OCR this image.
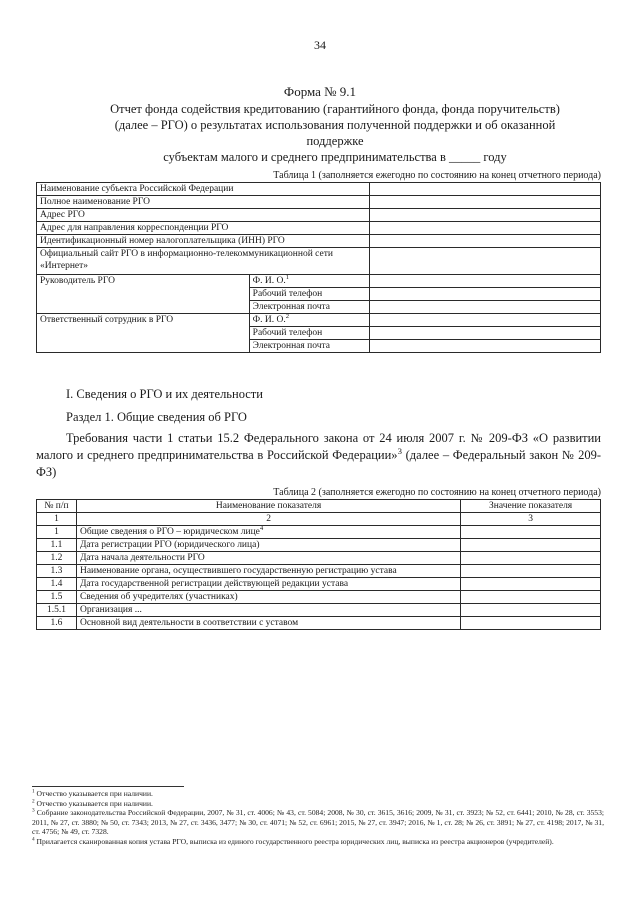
34
Форма № 9.1
Отчет фонда содействия кредитованию (гарантийного фонда, фонда поручительств)
(далее – РГО) о результатах использования полученной поддержки и об оказанной поддержке
субъектам малого и среднего предпринимательства в _____ году
Таблица 1 (заполняется ежегодно по состоянию на конец отчетного периода)
Наименование субъекта Российской Федерации		
Полное наименование РГО		
Адрес РГО		
Адрес для направления корреспонденции РГО		
Идентификационный номер налогоплательщика (ИНН) РГО		
Официальный сайт РГО в информационно-телекоммуникационной сети «Интернет»		
Руководитель РГО	Ф. И. О.$^1$	
	Рабочий телефон	
	Электронная почта	
Ответственный сотрудник в РГО	Ф. И. О.$^2$	
	Рабочий телефон	
	Электронная почта	
I. Сведения о РГО и их деятельности
Раздел 1. Общие сведения об РГО
Требования части 1 статьи 15.2 Федерального закона от 24 июля 2007 г. № 209-ФЗ «О развитии малого и среднего предпринимательства в Российской Федерации»$^3$ (далее – Федеральный закон № 209-ФЗ)
Таблица 2 (заполняется ежегодно по состоянию на конец отчетного периода)
№ п/п	Наименование показателя	Значение показателя
1	2	3
1	Общие сведения о РГО – юридическом лице$^4$	
1.1	Дата регистрации РГО (юридического лица)	
1.2	Дата начала деятельности РГО	
1.3	Наименование органа, осуществившего государственную регистрацию устава	
1.4	Дата государственной регистрации действующей редакции устава	
1.5	Сведения об учредителях (участниках)	
1.5.1	Организация ...	
1.6	Основной вид деятельности в соответствии с уставом	
$^1$ Отчество указывается при наличии.
$^2$ Отчество указывается при наличии.
$^3$ Собрание законодательства Российской Федерации, 2007, № 31, ст. 4006; № 43, ст. 5084; 2008, № 30, ст. 3615, 3616; 2009, № 31, ст. 3923; № 52, ст. 6441; 2010, № 28, ст. 3553; 2011, № 27, ст. 3880; № 50, ст. 7343; 2013, № 27, ст. 3436, 3477; № 30, ст. 4071; № 52, ст. 6961; 2015, № 27, ст. 3947; 2016, № 1, ст. 28; № 26, ст. 3891; № 27, ст. 4198; 2017, № 31, ст. 4756; № 49, ст. 7328.
$^4$ Прилагается сканированная копия устава РГО, выписка из единого государственного реестра юридических лиц, выписка из реестра акционеров (учредителей).
